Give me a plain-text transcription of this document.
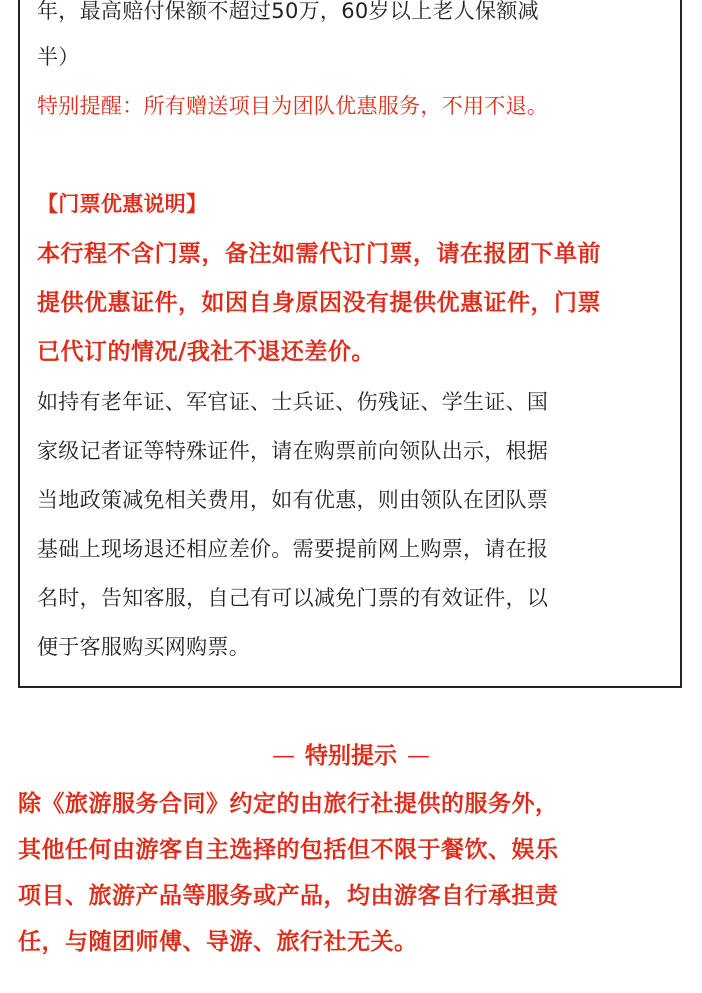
年，最高赔付保额不超过50万，60岁以上老人保额减

半）

特别提醒：所有赠送项目为团队优惠服务，不用不退。

【门票优惠说明】

本行程不含门票，备注如需代订门票，请在报团下单前

提供优惠证件，如因自身原因没有提供优惠证件，门票

已代订的情况/我社不退还差价。

如持有老年证、军官证、士兵证、伤残证、学生证、国

家级记者证等特殊证件，请在购票前向领队出示，根据

当地政策减免相关费用，如有优惠，则由领队在团队票

基础上现场退还相应差价。需要提前网上购票，请在报

名时，告知客服，自己有可以减免门票的有效证件，以

便于客服购买网购票。

— 特别提示 —

除《旅游服务合同》约定的由旅行社提供的服务外，

其他任何由游客自主选择的包括但不限于餐饮、娱乐

项目、旅游产品等服务或产品，均由游客自行承担责

任，与随团师傅、导游、旅行社无关。
